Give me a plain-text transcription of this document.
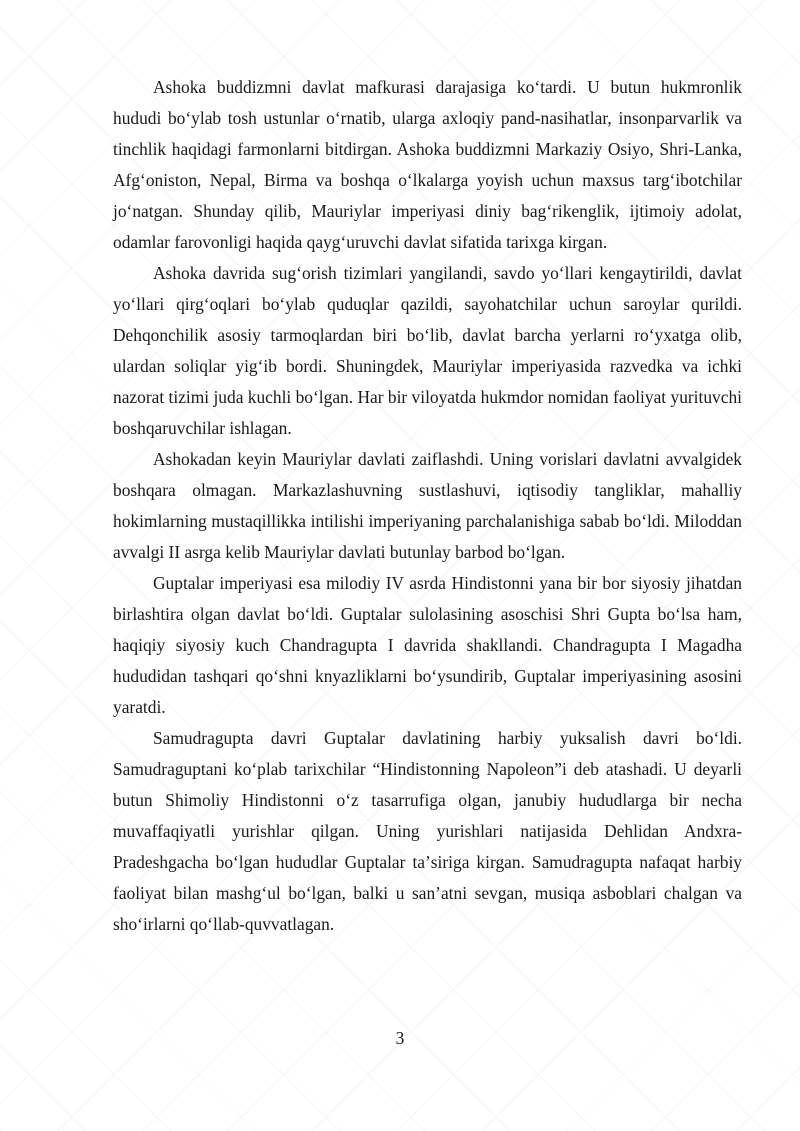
Ashoka buddizmni davlat mafkurasi darajasiga koʻtardi. U butun hukmronlik hududi boʻylab tosh ustunlar oʻrnatib, ularga axloqiy pand-nasihatlar, insonparvarlik va tinchlik haqidagi farmonlarni bitdirgan. Ashoka buddizmni Markaziy Osiyo, Shri-Lanka, Afgʻoniston, Nepal, Birma va boshqa oʻlkalarga yoyish uchun maxsus targʻibotchilar joʻnatgan. Shunday qilib, Mauriylar imperiyasi diniy bagʻrikenglik, ijtimoiy adolat, odamlar farovonligi haqida qaygʻuruvchi davlat sifatida tarixga kirgan.

Ashoka davrida sugʻorish tizimlari yangilandi, savdo yoʻllari kengaytirildi, davlat yoʻllari qirgʻoqlari boʻylab quduqlar qazildi, sayohatchilar uchun saroylar qurildi. Dehqonchilik asosiy tarmoqlardan biri boʻlib, davlat barcha yerlarni roʻyxatga olib, ulardan soliqlar yigʻib bordi. Shuningdek, Mauriylar imperiyasida razvedka va ichki nazorat tizimi juda kuchli boʻlgan. Har bir viloyatda hukmdor nomidan faoliyat yurituvchi boshqaruvchilar ishlagan.

Ashokadan keyin Mauriylar davlati zaiflashdi. Uning vorislari davlatni avvalgidek boshqara olmagan. Markazlashuvning sustlashuvi, iqtisodiy tangliklar, mahalliy hokimlarning mustaqillikka intilishi imperiyaning parchalanishiga sabab boʻldi. Miloddan avvalgi II asrga kelib Mauriylar davlati butunlay barbod boʻlgan.

Guptalar imperiyasi esa milodiy IV asrda Hindistonni yana bir bor siyosiy jihatdan birlashtira olgan davlat boʻldi. Guptalar sulolasining asoschisi Shri Gupta boʻlsa ham, haqiqiy siyosiy kuch Chandragupta I davrida shakllandi. Chandragupta I Magadha hududidan tashqari qoʻshni knyazliklarni boʻysundirib, Guptalar imperiyasining asosini yaratdi.

Samudragupta davri Guptalar davlatining harbiy yuksalish davri boʻldi. Samudraguptani koʻplab tarixchilar “Hindistonning Napoleon”i deb atashadi. U deyarli butun Shimoliy Hindistonni oʻz tasarrufiga olgan, janubiy hududlarga bir necha muvaffaqiyatli yurishlar qilgan. Uning yurishlari natijasida Dehlidan Andxra-Pradeshgacha boʻlgan hududlar Guptalar taʼsiriga kirgan. Samudragupta nafaqat harbiy faoliyat bilan mashgʻul boʻlgan, balki u sanʼatni sevgan, musiqa asboblari chalgan va shoʻirlarni qoʻllab-quvvatlagan.

3
